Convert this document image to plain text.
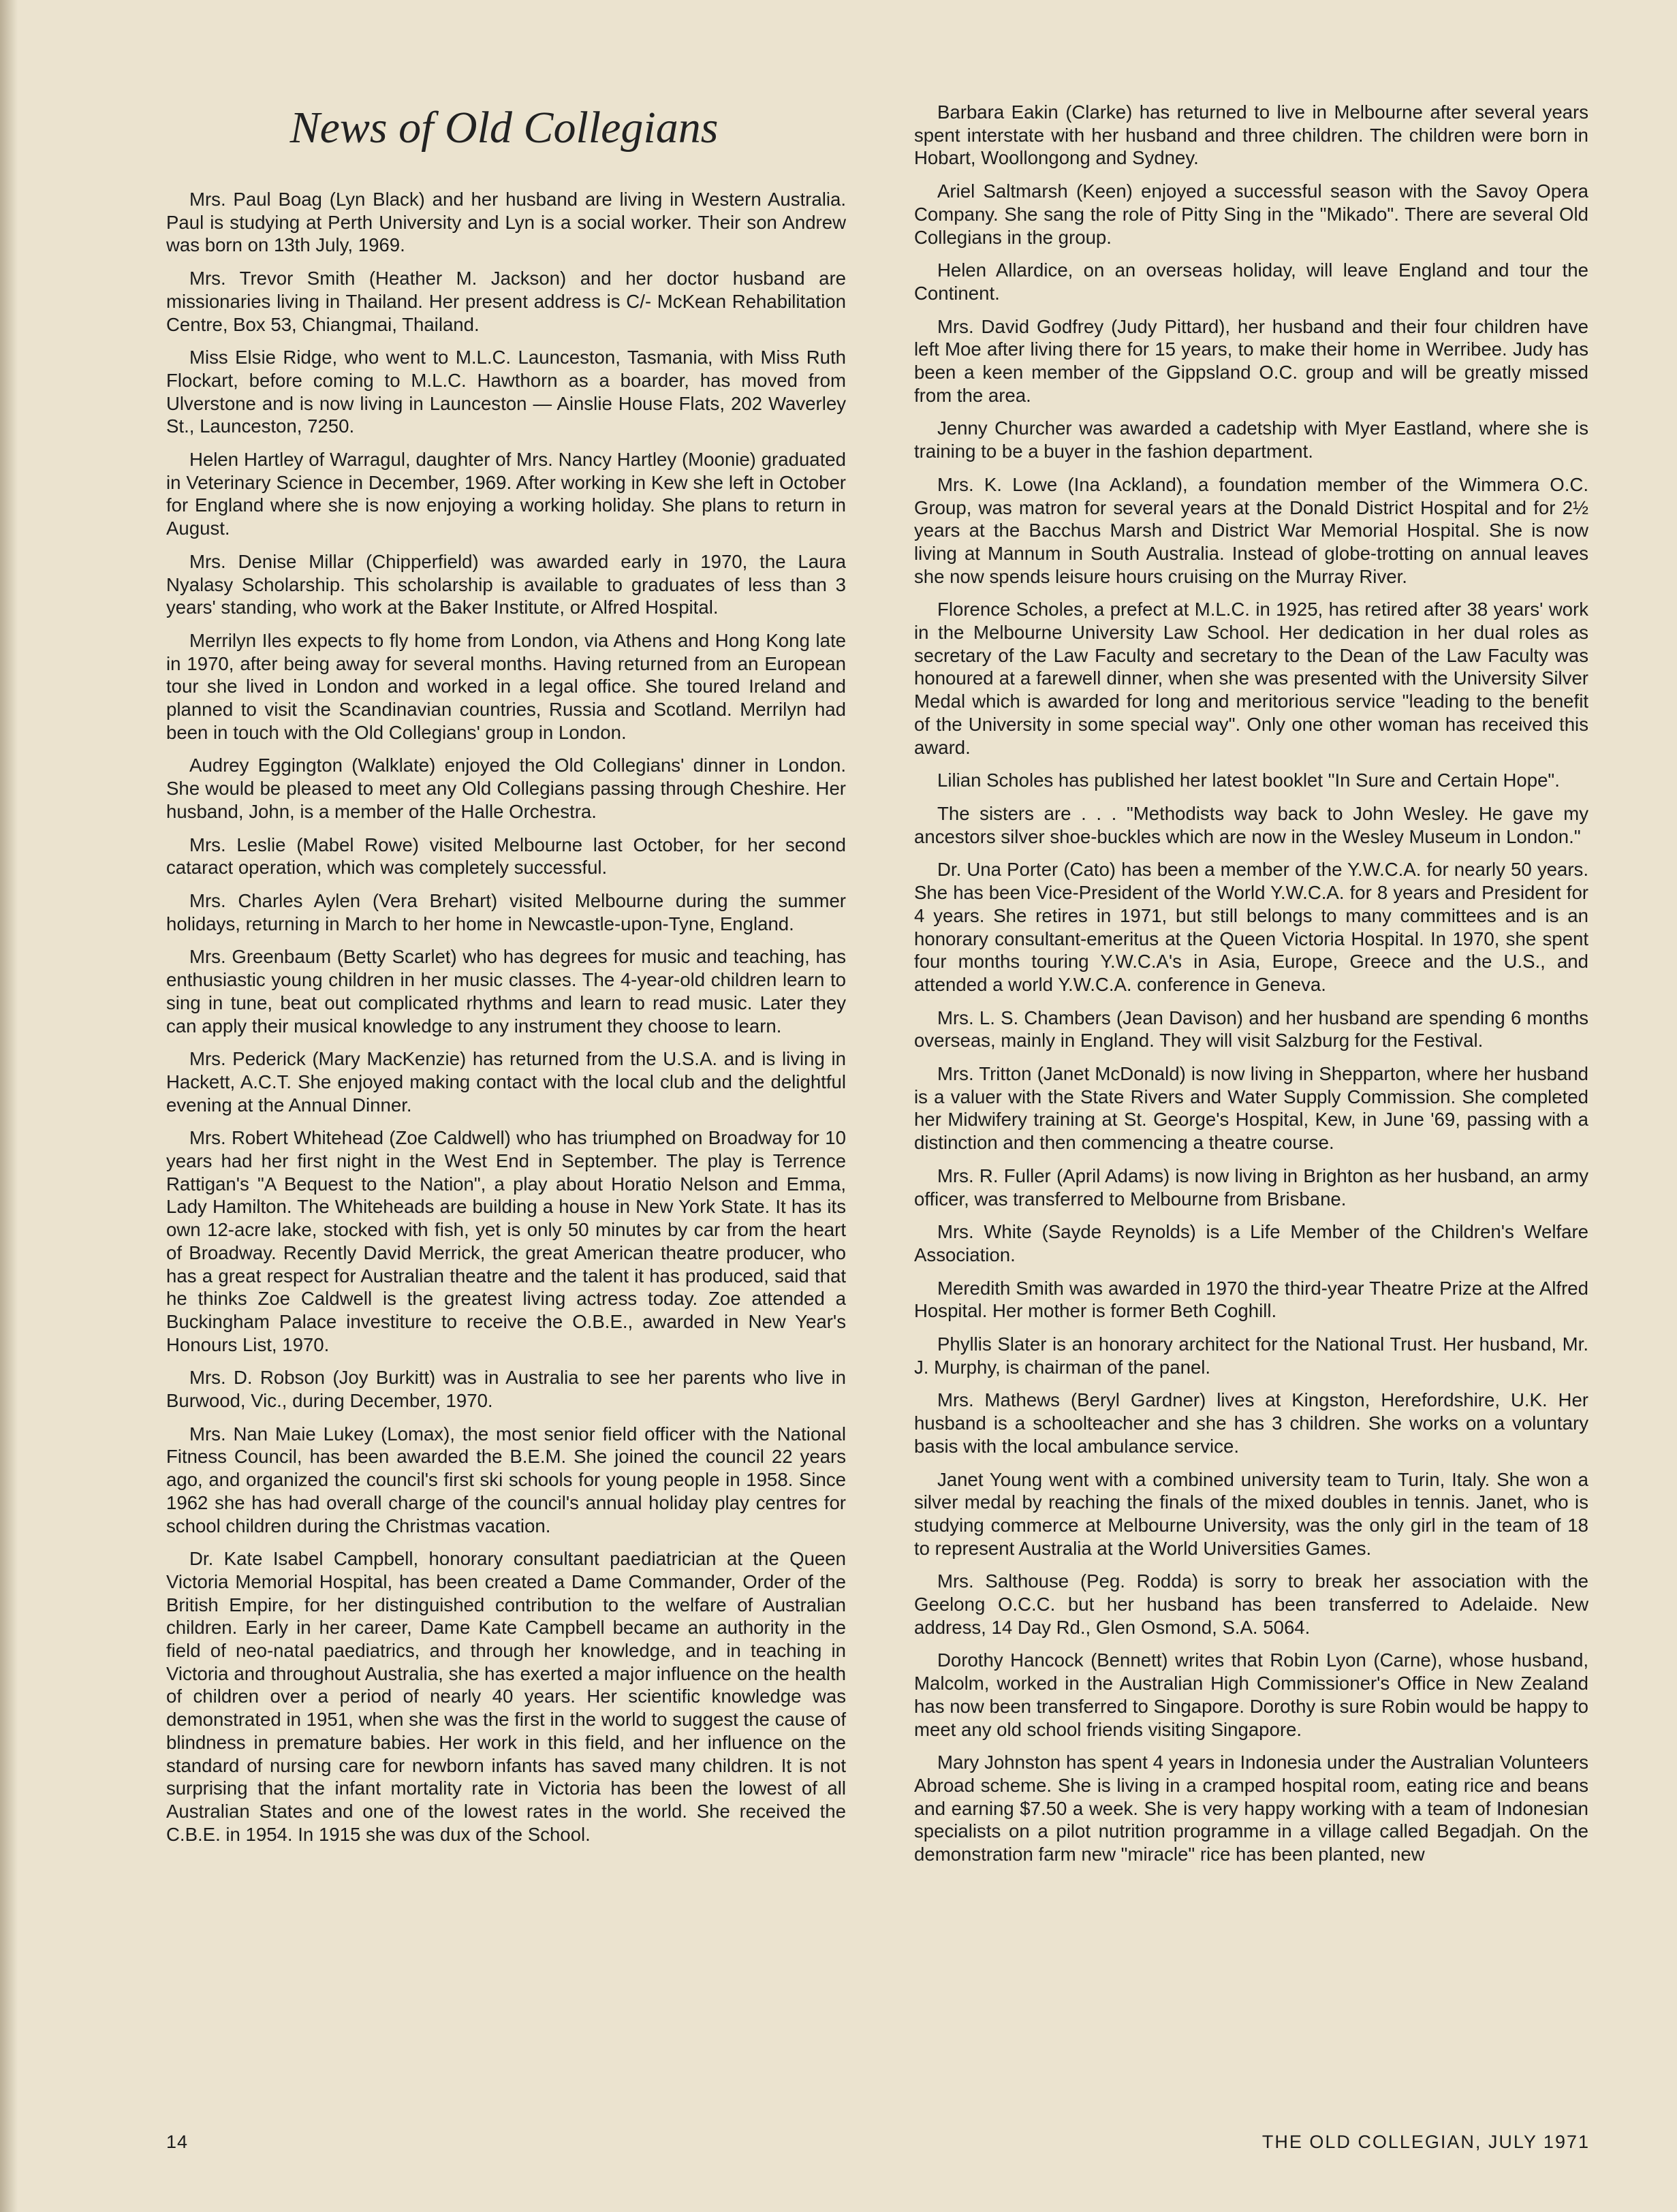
News of Old Collegians

Mrs. Paul Boag (Lyn Black) and her husband are living in Western Australia. Paul is studying at Perth University and Lyn is a social worker. Their son Andrew was born on 13th July, 1969.

Mrs. Trevor Smith (Heather M. Jackson) and her doctor husband are missionaries living in Thailand. Her present address is C/- McKean Rehabilitation Centre, Box 53, Chiangmai, Thailand.

Miss Elsie Ridge, who went to M.L.C. Launceston, Tasmania, with Miss Ruth Flockart, before coming to M.L.C. Hawthorn as a boarder, has moved from Ulverstone and is now living in Launceston — Ainslie House Flats, 202 Waverley St., Launceston, 7250.

Helen Hartley of Warragul, daughter of Mrs. Nancy Hartley (Moonie) graduated in Veterinary Science in December, 1969. After working in Kew she left in October for England where she is now enjoying a working holiday. She plans to return in August.

Mrs. Denise Millar (Chipperfield) was awarded early in 1970, the Laura Nyalasy Scholarship. This scholarship is available to graduates of less than 3 years' standing, who work at the Baker Institute, or Alfred Hospital.

Merrilyn Iles expects to fly home from London, via Athens and Hong Kong late in 1970, after being away for several months. Having returned from an European tour she lived in London and worked in a legal office. She toured Ireland and planned to visit the Scandinavian countries, Russia and Scotland. Merrilyn had been in touch with the Old Collegians' group in London.

Audrey Eggington (Walklate) enjoyed the Old Collegians' dinner in London. She would be pleased to meet any Old Collegians passing through Cheshire. Her husband, John, is a member of the Halle Orchestra.

Mrs. Leslie (Mabel Rowe) visited Melbourne last October, for her second cataract operation, which was completely successful.

Mrs. Charles Aylen (Vera Brehart) visited Melbourne during the summer holidays, returning in March to her home in Newcastle-upon-Tyne, England.

Mrs. Greenbaum (Betty Scarlet) who has degrees for music and teaching, has enthusiastic young children in her music classes. The 4-year-old children learn to sing in tune, beat out complicated rhythms and learn to read music. Later they can apply their musical knowledge to any instrument they choose to learn.

Mrs. Pederick (Mary MacKenzie) has returned from the U.S.A. and is living in Hackett, A.C.T. She enjoyed making contact with the local club and the delightful evening at the Annual Dinner.

Mrs. Robert Whitehead (Zoe Caldwell) who has triumphed on Broadway for 10 years had her first night in the West End in September. The play is Terrence Rattigan's "A Bequest to the Nation", a play about Horatio Nelson and Emma, Lady Hamilton. The Whiteheads are building a house in New York State. It has its own 12-acre lake, stocked with fish, yet is only 50 minutes by car from the heart of Broadway. Recently David Merrick, the great American theatre producer, who has a great respect for Australian theatre and the talent it has produced, said that he thinks Zoe Caldwell is the greatest living actress today. Zoe attended a Buckingham Palace investiture to receive the O.B.E., awarded in New Year's Honours List, 1970.

Mrs. D. Robson (Joy Burkitt) was in Australia to see her parents who live in Burwood, Vic., during December, 1970.

Mrs. Nan Maie Lukey (Lomax), the most senior field officer with the National Fitness Council, has been awarded the B.E.M. She joined the council 22 years ago, and organized the council's first ski schools for young people in 1958. Since 1962 she has had overall charge of the council's annual holiday play centres for school children during the Christmas vacation.

Dr. Kate Isabel Campbell, honorary consultant paediatrician at the Queen Victoria Memorial Hospital, has been created a Dame Commander, Order of the British Empire, for her distinguished contribution to the welfare of Australian children. Early in her career, Dame Kate Campbell became an authority in the field of neo-natal paediatrics, and through her knowledge, and in teaching in Victoria and throughout Australia, she has exerted a major influence on the health of children over a period of nearly 40 years. Her scientific knowledge was demonstrated in 1951, when she was the first in the world to suggest the cause of blindness in premature babies. Her work in this field, and her influence on the standard of nursing care for newborn infants has saved many children. It is not surprising that the infant mortality rate in Victoria has been the lowest of all Australian States and one of the lowest rates in the world. She received the C.B.E. in 1954. In 1915 she was dux of the School.

Barbara Eakin (Clarke) has returned to live in Melbourne after several years spent interstate with her husband and three children. The children were born in Hobart, Woollongong and Sydney.

Ariel Saltmarsh (Keen) enjoyed a successful season with the Savoy Opera Company. She sang the role of Pitty Sing in the "Mikado". There are several Old Collegians in the group.

Helen Allardice, on an overseas holiday, will leave England and tour the Continent.

Mrs. David Godfrey (Judy Pittard), her husband and their four children have left Moe after living there for 15 years, to make their home in Werribee. Judy has been a keen member of the Gippsland O.C. group and will be greatly missed from the area.

Jenny Churcher was awarded a cadetship with Myer Eastland, where she is training to be a buyer in the fashion department.

Mrs. K. Lowe (Ina Ackland), a foundation member of the Wimmera O.C. Group, was matron for several years at the Donald District Hospital and for 2½ years at the Bacchus Marsh and District War Memorial Hospital. She is now living at Mannum in South Australia. Instead of globe-trotting on annual leaves she now spends leisure hours cruising on the Murray River.

Florence Scholes, a prefect at M.L.C. in 1925, has retired after 38 years' work in the Melbourne University Law School. Her dedication in her dual roles as secretary of the Law Faculty and secretary to the Dean of the Law Faculty was honoured at a farewell dinner, when she was presented with the University Silver Medal which is awarded for long and meritorious service "leading to the benefit of the University in some special way". Only one other woman has received this award.

Lilian Scholes has published her latest booklet "In Sure and Certain Hope".

The sisters are . . . "Methodists way back to John Wesley. He gave my ancestors silver shoe-buckles which are now in the Wesley Museum in London."

Dr. Una Porter (Cato) has been a member of the Y.W.C.A. for nearly 50 years. She has been Vice-President of the World Y.W.C.A. for 8 years and President for 4 years. She retires in 1971, but still belongs to many committees and is an honorary consultant-emeritus at the Queen Victoria Hospital. In 1970, she spent four months touring Y.W.C.A's in Asia, Europe, Greece and the U.S., and attended a world Y.W.C.A. conference in Geneva.

Mrs. L. S. Chambers (Jean Davison) and her husband are spending 6 months overseas, mainly in England. They will visit Salzburg for the Festival.

Mrs. Tritton (Janet McDonald) is now living in Shepparton, where her husband is a valuer with the State Rivers and Water Supply Commission. She completed her Midwifery training at St. George's Hospital, Kew, in June '69, passing with a distinction and then commencing a theatre course.

Mrs. R. Fuller (April Adams) is now living in Brighton as her husband, an army officer, was transferred to Melbourne from Brisbane.

Mrs. White (Sayde Reynolds) is a Life Member of the Children's Welfare Association.

Meredith Smith was awarded in 1970 the third-year Theatre Prize at the Alfred Hospital. Her mother is former Beth Coghill.

Phyllis Slater is an honorary architect for the National Trust. Her husband, Mr. J. Murphy, is chairman of the panel.

Mrs. Mathews (Beryl Gardner) lives at Kingston, Herefordshire, U.K. Her husband is a schoolteacher and she has 3 children. She works on a voluntary basis with the local ambulance service.

Janet Young went with a combined university team to Turin, Italy. She won a silver medal by reaching the finals of the mixed doubles in tennis. Janet, who is studying commerce at Melbourne University, was the only girl in the team of 18 to represent Australia at the World Universities Games.

Mrs. Salthouse (Peg. Rodda) is sorry to break her association with the Geelong O.C.C. but her husband has been transferred to Adelaide. New address, 14 Day Rd., Glen Osmond, S.A. 5064.

Dorothy Hancock (Bennett) writes that Robin Lyon (Carne), whose husband, Malcolm, worked in the Australian High Commissioner's Office in New Zealand has now been transferred to Singapore. Dorothy is sure Robin would be happy to meet any old school friends visiting Singapore.

Mary Johnston has spent 4 years in Indonesia under the Australian Volunteers Abroad scheme. She is living in a cramped hospital room, eating rice and beans and earning $7.50 a week. She is very happy working with a team of Indonesian specialists on a pilot nutrition programme in a village called Begadjah. On the demonstration farm new "miracle" rice has been planted, new

14	THE OLD COLLEGIAN, JULY 1971
